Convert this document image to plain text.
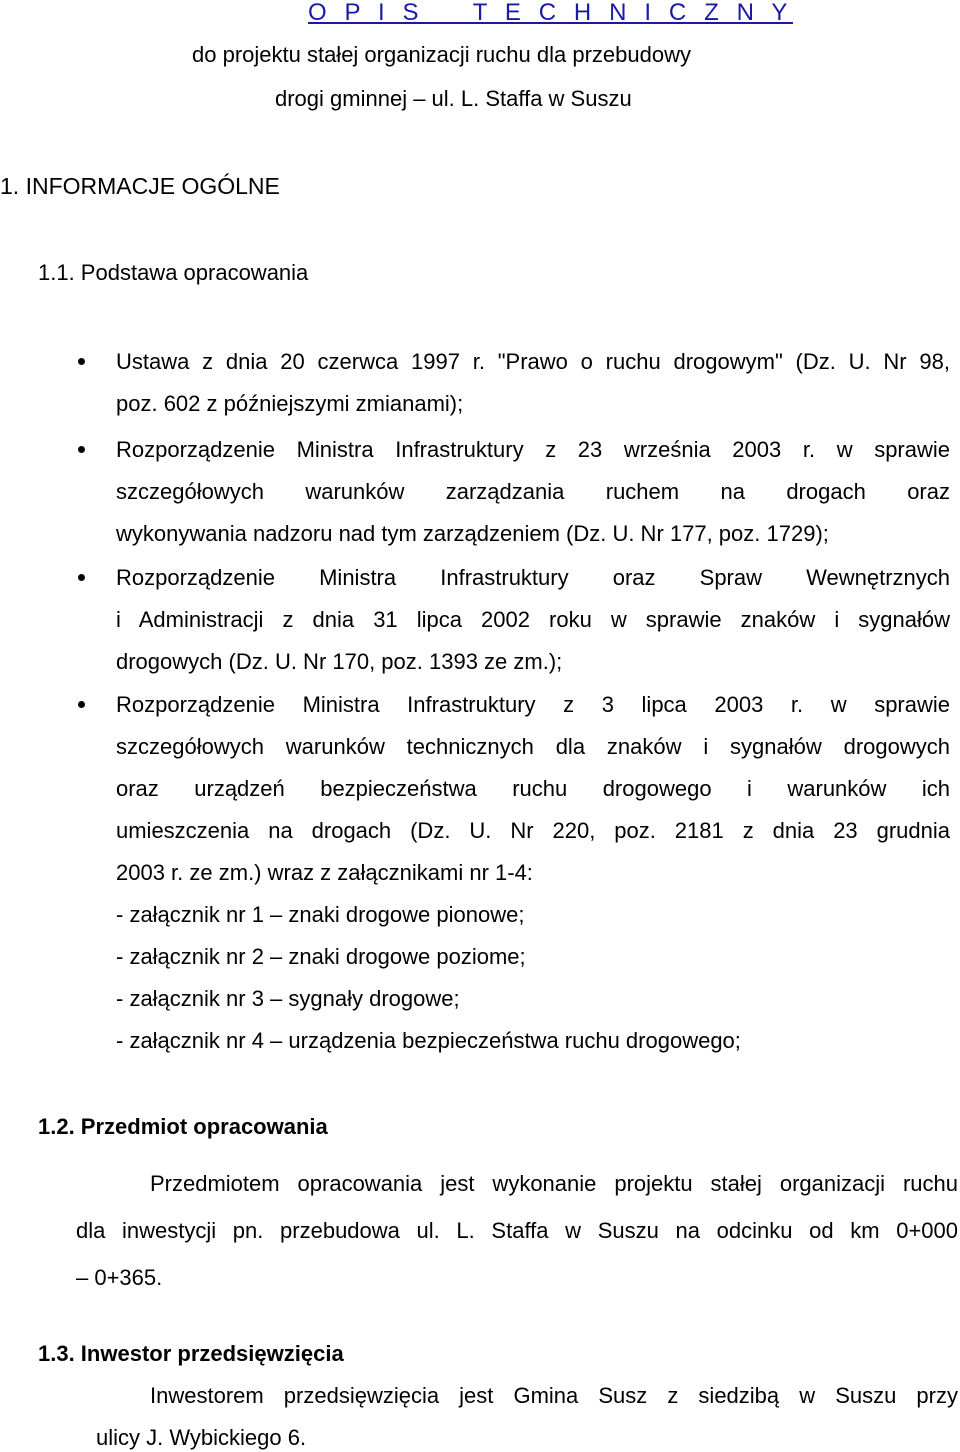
O P I S    T E C H N I C Z N Y
do projektu stałej organizacji ruchu dla przebudowy
drogi gminnej – ul. L. Staffa w Suszu
1. INFORMACJE OGÓLNE
1.1. Podstawa opracowania
Ustawa z dnia 20 czerwca 1997 r. "Prawo o ruchu drogowym" (Dz. U. Nr 98,
poz. 602 z późniejszymi zmianami);
Rozporządzenie Ministra Infrastruktury z 23 września 2003 r. w sprawie
szczegółowych warunków zarządzania ruchem na drogach oraz
wykonywania nadzoru nad tym zarządzeniem (Dz. U. Nr 177, poz. 1729);
Rozporządzenie Ministra Infrastruktury oraz Spraw Wewnętrznych
i Administracji z dnia 31 lipca 2002 roku w sprawie znaków i sygnałów
drogowych (Dz. U. Nr 170, poz. 1393 ze zm.);
Rozporządzenie Ministra Infrastruktury z 3 lipca 2003 r. w sprawie
szczegółowych warunków technicznych dla znaków i sygnałów drogowych
oraz urządzeń bezpieczeństwa ruchu drogowego i warunków ich
umieszczenia na drogach (Dz. U. Nr 220, poz. 2181 z dnia 23 grudnia
2003 r. ze zm.) wraz z załącznikami nr 1-4:
- załącznik nr 1 – znaki drogowe pionowe;
- załącznik nr 2 – znaki drogowe poziome;
- załącznik nr 3 – sygnały drogowe;
- załącznik nr 4 – urządzenia bezpieczeństwa ruchu drogowego;
1.2. Przedmiot opracowania
Przedmiotem opracowania jest wykonanie projektu stałej organizacji ruchu
dla inwestycji pn. przebudowa ul. L. Staffa w Suszu na odcinku od km 0+000
– 0+365.
1.3. Inwestor przedsięwzięcia
Inwestorem przedsięwzięcia jest Gmina Susz z siedzibą w Suszu przy
ulicy J. Wybickiego 6.
